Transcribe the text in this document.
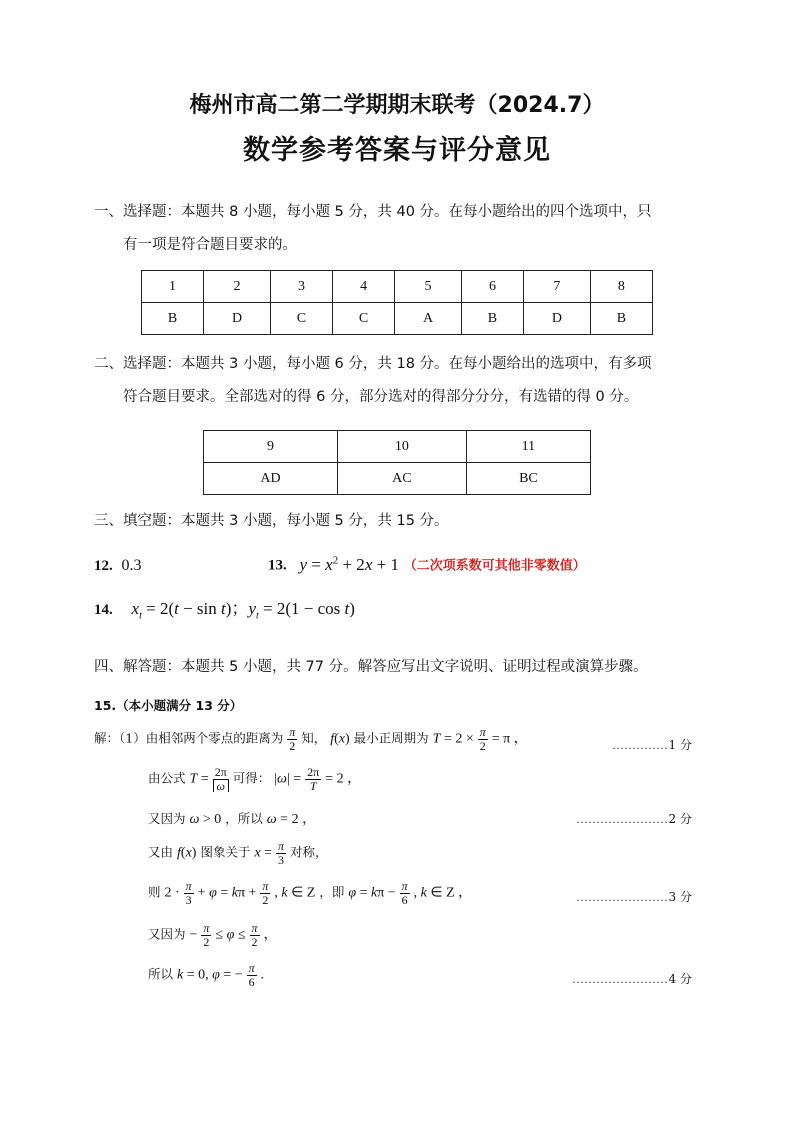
梅州市高二第二学期期末联考（2024.7）
数学参考答案与评分意见
一、选择题：本题共 8 小题，每小题 5 分，共 40 分。在每小题给出的四个选项中，只
有一项是符合题目要求的。
1	2	3	4	5	6	7	8
B	D	C	C	A	B	D	B
二、选择题：本题共 3 小题，每小题 6 分，共 18 分。在每小题给出的选项中，有多项
符合题目要求。全部选对的得 6 分，部分选对的得部分分分，有选错的得 0 分。
9	10	11
AD	AC	BC
三、填空题：本题共 3 小题，每小题 5 分，共 15 分。
12. 0.3	13. $y = x^2 + 2x + 1$ （二次项系数可其他非零数值）
14. $x_t = 2(t - \sin t)$；$y_t = 2(1 - \cos t)$
四、解答题：本题共 5 小题，共 77 分。解答应写出文字说明、证明过程或演算步骤。
15.（本小题满分 13 分）
解：（1）由相邻两个零点的距离为 $\frac{\pi}{2}$ 知， f(x) 最小正周期为 $T = 2 \times \frac{\pi}{2} = \pi$ ，	..............1 分
由公式 $T = \frac{2\pi}{\omega}$ 可得： $|\omega| = \frac{2\pi}{T} = 2$ ，
又因为 ω > 0 ，所以 ω = 2 ，	.......................2 分
又由 f(x) 图象关于 $x = \frac{\pi}{3}$ 对称，
则 $2 \cdot \frac{\pi}{3} + \varphi = k\pi + \frac{\pi}{2}$ , k ∈ Z ，即 $\varphi = k\pi - \frac{\pi}{6}$ , k ∈ Z ，	.......................3 分
又因为 − $\frac{\pi}{2} \le \varphi \le \frac{\pi}{2}$ ，
所以 k = 0, φ = − $\frac{\pi}{6}$ .	........................4 分
